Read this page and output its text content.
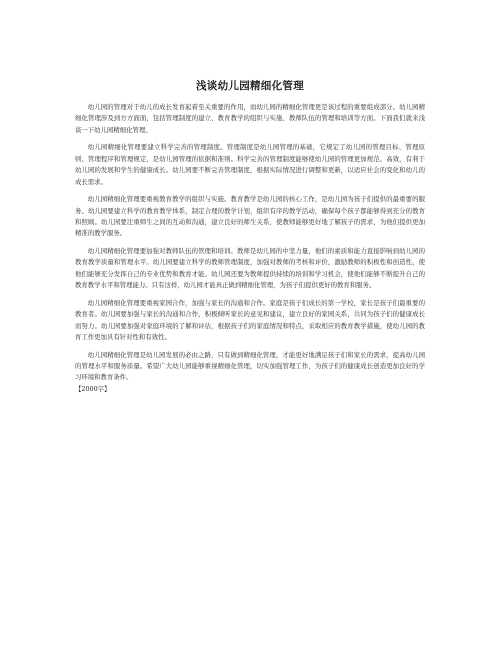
浅谈幼儿园精细化管理

幼儿园的管理对于幼儿的成长发育起着至关重要的作用，而幼儿园的精细化管理更是该过程的重要组成部分。幼儿园精细化管理涉及到方方面面，包括管理制度的建立、教育教学的组织与实施、教师队伍的管理和培训等方面。下面我们就来浅谈一下幼儿园精细化管理。

幼儿园精细化管理要建立科学完善的管理制度。管理制度是幼儿园管理的基础，它规定了幼儿园的管理目标、管理原则、管理程序和管理规定，是幼儿园管理的依据和准则。科学完善的管理制度能够使幼儿园的管理更加规范、高效，有利于幼儿园的发展和学生的健康成长。幼儿园要不断完善管理制度，根据实际情况进行调整和更新，以适应社会的变化和幼儿的成长需求。

幼儿园精细化管理要重视教育教学的组织与实施。教育教学是幼儿园的核心工作，是幼儿园为孩子们提供的最重要的服务。幼儿园要建立科学的教育教学体系，制定合理的教学计划，组织有序的教学活动，确保每个孩子都能够得到充分的教育和照顾。幼儿园要注重师生之间的互动和沟通，建立良好的师生关系，使教师能够更好地了解孩子的需求，为他们提供更加精准的教学服务。

幼儿园精细化管理要加强对教师队伍的管理和培训。教师是幼儿园的中坚力量，他们的素质和能力直接影响到幼儿园的教育教学质量和管理水平。幼儿园要建立科学的教师管理制度，加强对教师的考核和评价，激励教师的积极性和创造性，使他们能够充分发挥自己的专业优势和教育才能。幼儿园还要为教师提供持续的培训和学习机会，使他们能够不断提升自己的教育教学水平和管理能力。只有这样，幼儿园才能真正做到精细化管理，为孩子们提供更好的教育和服务。

幼儿园精细化管理要重视家园合作，加强与家长的沟通和合作。家庭是孩子们成长的第一学校，家长是孩子们最重要的教育者。幼儿园要加强与家长的沟通和合作，积极倾听家长的意见和建议，建立良好的家园关系，共同为孩子们的健康成长而努力。幼儿园要加强对家庭环境的了解和评估，根据孩子们的家庭情况和特点，采取相应的教育教学措施，使幼儿园的教育工作更加具有针对性和有效性。

幼儿园精细化管理是幼儿园发展的必由之路，只有做到精细化管理，才能更好地满足孩子们和家长的需求，提高幼儿园的管理水平和服务质量。希望广大幼儿园能够重视精细化管理，切实加强管理工作，为孩子们的健康成长创造更加良好的学习环境和教育条件。

【2000字】
